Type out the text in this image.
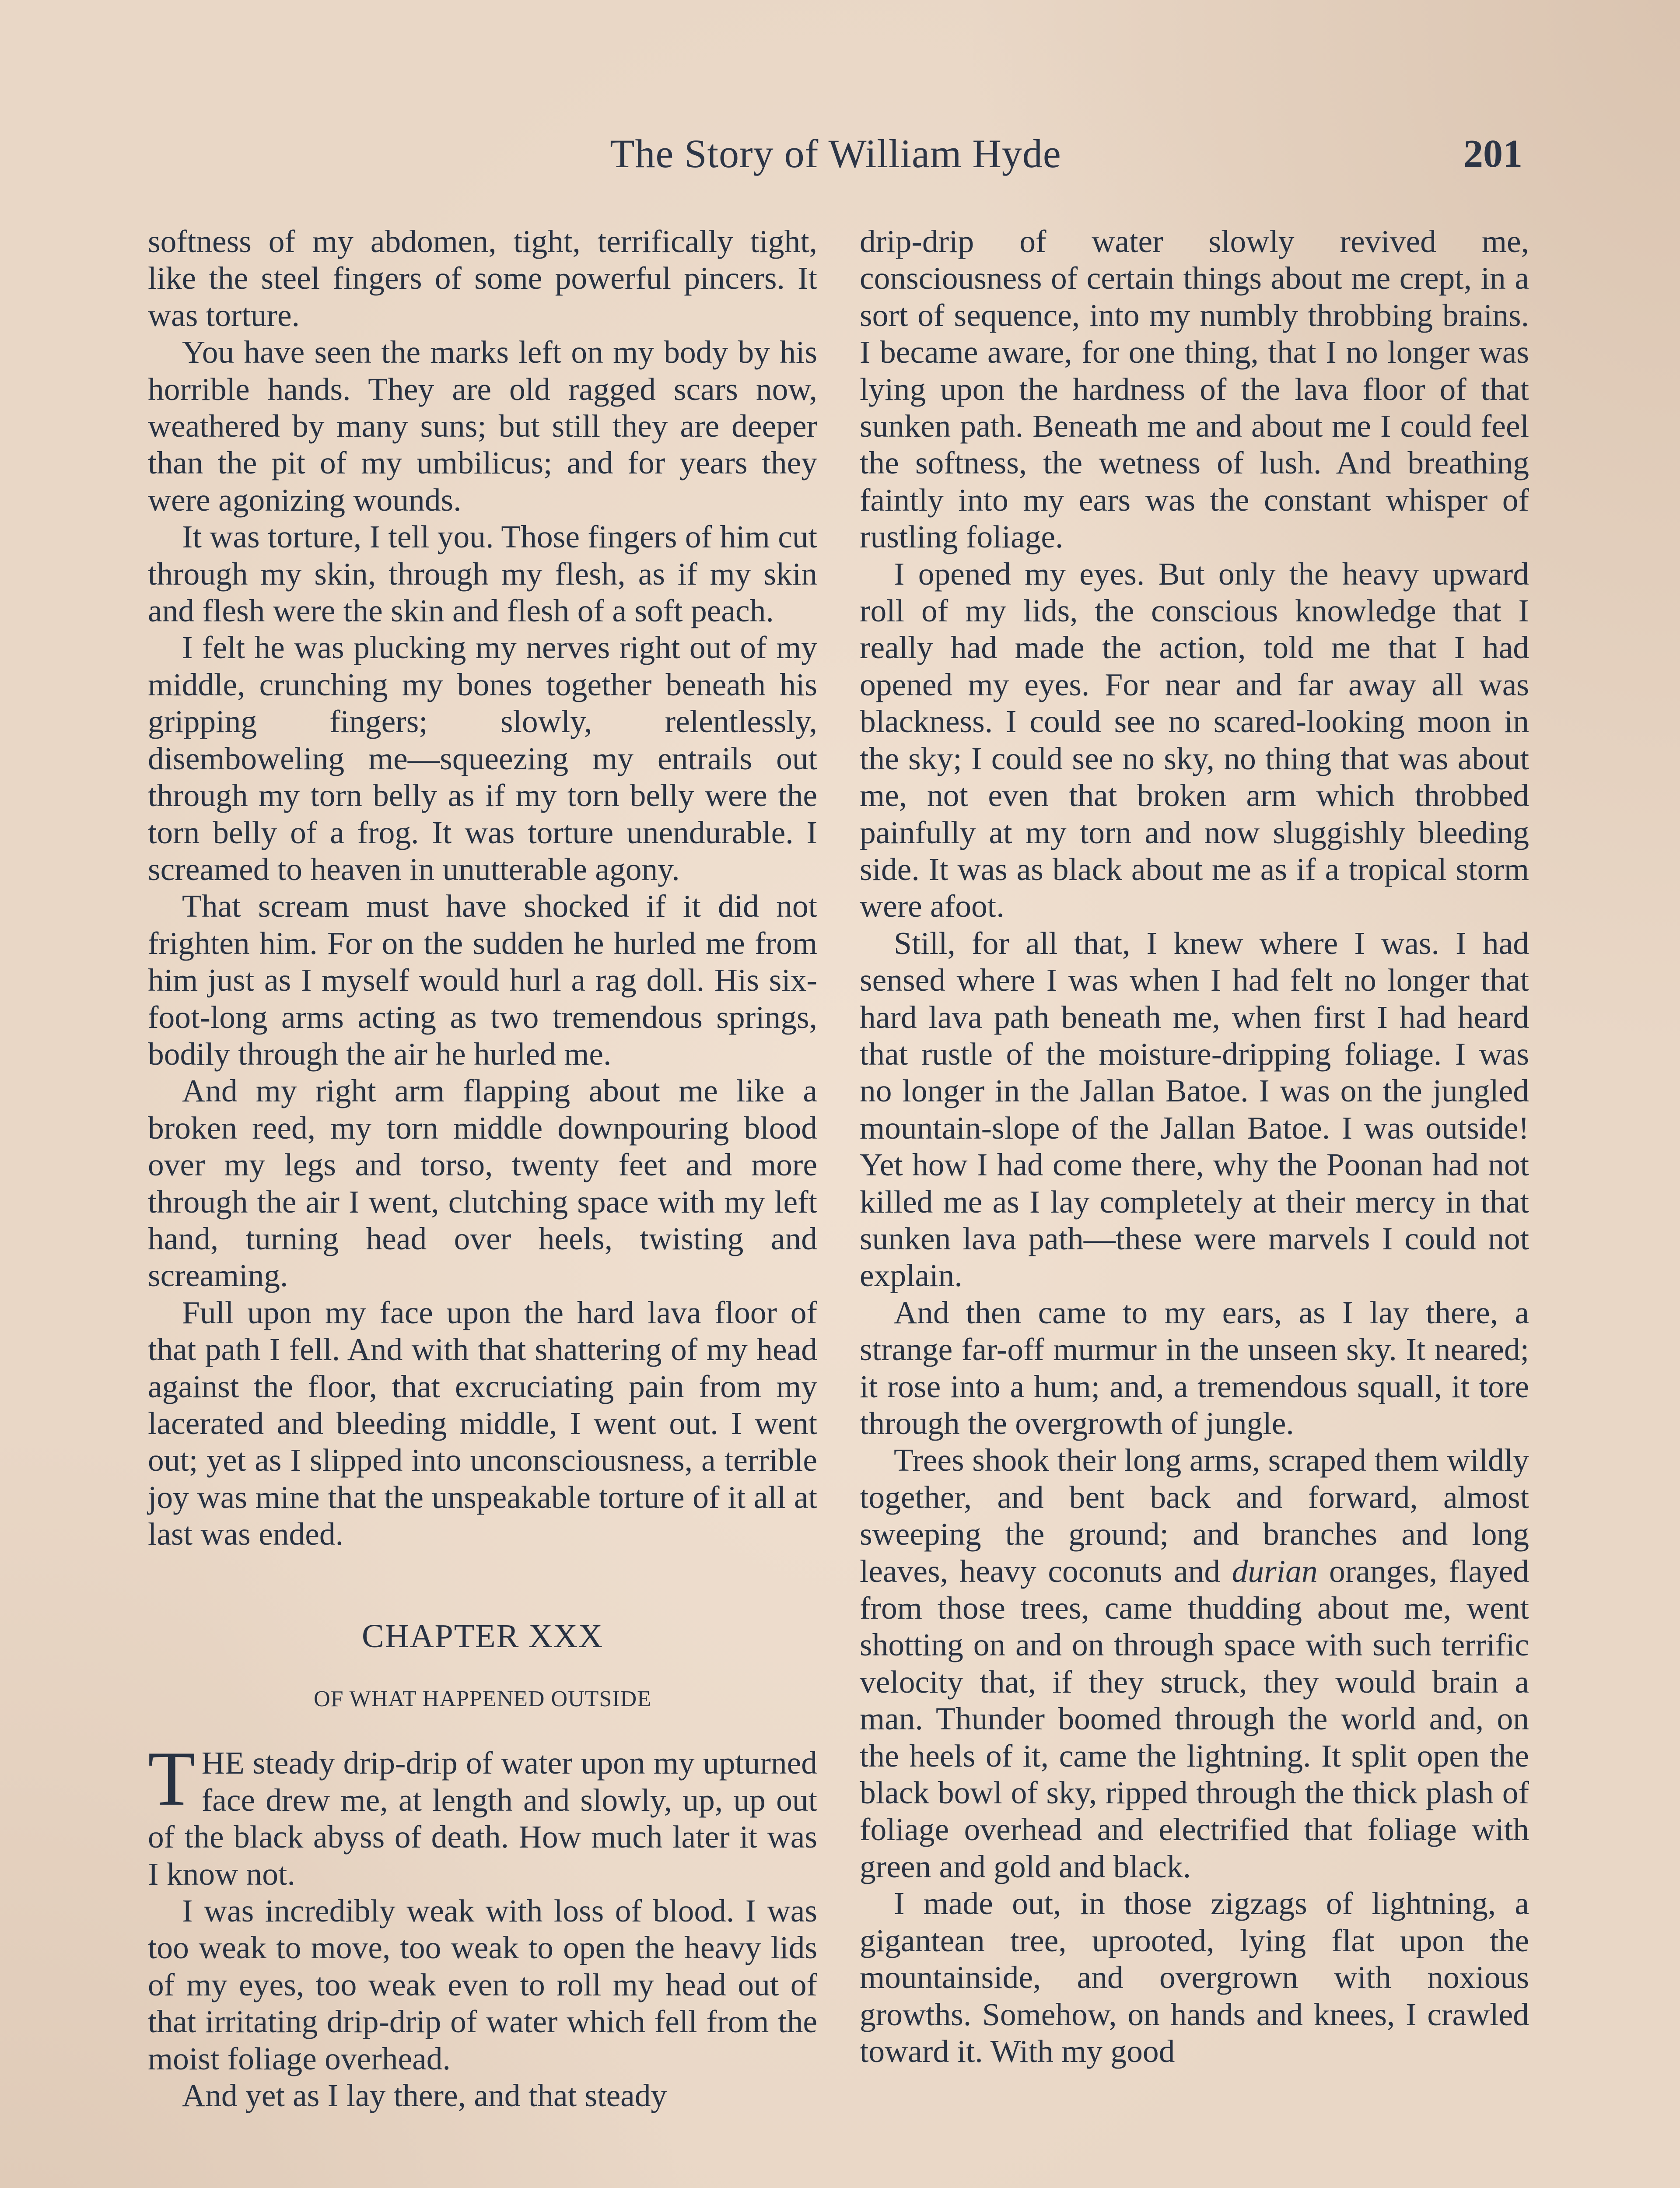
The Story of William Hyde	201

softness of my abdomen, tight, terrifically tight, like the steel fingers of some powerful pincers. It was torture.

You have seen the marks left on my body by his horrible hands. They are old ragged scars now, weathered by many suns; but still they are deeper than the pit of my umbilicus; and for years they were agonizing wounds.

It was torture, I tell you. Those fingers of him cut through my skin, through my flesh, as if my skin and flesh were the skin and flesh of a soft peach.

I felt he was plucking my nerves right out of my middle, crunching my bones together beneath his gripping fingers; slowly, relentlessly, disemboweling me—squeezing my entrails out through my torn belly as if my torn belly were the torn belly of a frog. It was torture unendurable. I screamed to heaven in unutterable agony.

That scream must have shocked if it did not frighten him. For on the sudden he hurled me from him just as I myself would hurl a rag doll. His six-foot-long arms acting as two tremendous springs, bodily through the air he hurled me.

And my right arm flapping about me like a broken reed, my torn middle downpouring blood over my legs and torso, twenty feet and more through the air I went, clutching space with my left hand, turning head over heels, twisting and screaming.

Full upon my face upon the hard lava floor of that path I fell. And with that shattering of my head against the floor, that excruciating pain from my lacerated and bleeding middle, I went out. I went out; yet as I slipped into unconsciousness, a terrible joy was mine that the unspeakable torture of it all at last was ended.

CHAPTER XXX
OF WHAT HAPPENED OUTSIDE

THE steady drip-drip of water upon my upturned face drew me, at length and slowly, up, up out of the black abyss of death. How much later it was I know not.

I was incredibly weak with loss of blood. I was too weak to move, too weak to open the heavy lids of my eyes, too weak even to roll my head out of that irritating drip-drip of water which fell from the moist foliage overhead.

And yet as I lay there, and that steady

drip-drip of water slowly revived me, consciousness of certain things about me crept, in a sort of sequence, into my numbly throbbing brains. I became aware, for one thing, that I no longer was lying upon the hardness of the lava floor of that sunken path. Beneath me and about me I could feel the softness, the wetness of lush. And breathing faintly into my ears was the constant whisper of rustling foliage.

I opened my eyes. But only the heavy upward roll of my lids, the conscious knowledge that I really had made the action, told me that I had opened my eyes. For near and far away all was blackness. I could see no scared-looking moon in the sky; I could see no sky, no thing that was about me, not even that broken arm which throbbed painfully at my torn and now sluggishly bleeding side. It was as black about me as if a tropical storm were afoot.

Still, for all that, I knew where I was. I had sensed where I was when I had felt no longer that hard lava path beneath me, when first I had heard that rustle of the moisture-dripping foliage. I was no longer in the Jallan Batoe. I was on the jungled mountain-slope of the Jallan Batoe. I was outside! Yet how I had come there, why the Poonan had not killed me as I lay completely at their mercy in that sunken lava path—these were marvels I could not explain.

And then came to my ears, as I lay there, a strange far-off murmur in the unseen sky. It neared; it rose into a hum; and, a tremendous squall, it tore through the overgrowth of jungle.

Trees shook their long arms, scraped them wildly together, and bent back and forward, almost sweeping the ground; and branches and long leaves, heavy coconuts and durian oranges, flayed from those trees, came thudding about me, went shotting on and on through space with such terrific velocity that, if they struck, they would brain a man. Thunder boomed through the world and, on the heels of it, came the lightning. It split open the black bowl of sky, ripped through the thick plash of foliage overhead and electrified that foliage with green and gold and black.

I made out, in those zigzags of lightning, a gigantean tree, uprooted, lying flat upon the mountainside, and overgrown with noxious growths. Somehow, on hands and knees, I crawled toward it. With my good
